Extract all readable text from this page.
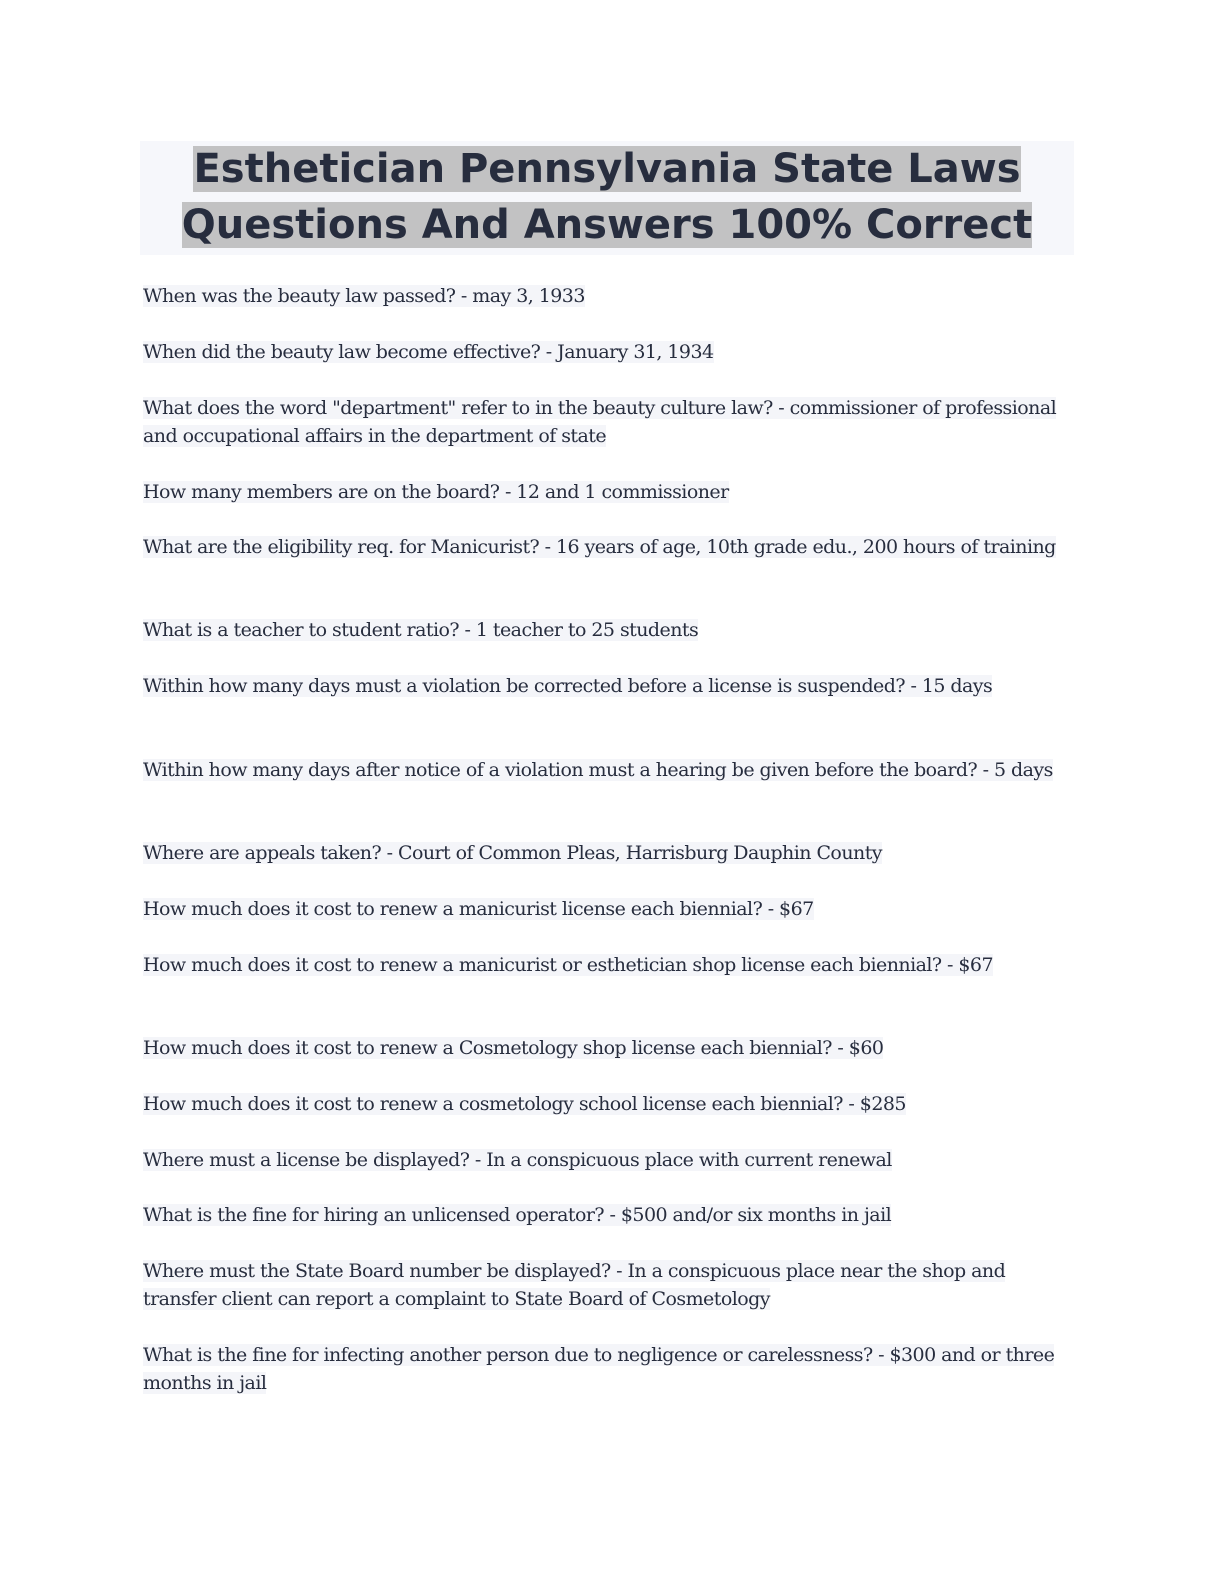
Esthetician Pennsylvania State Laws
Questions And Answers 100% Correct
When was the beauty law passed? - may 3, 1933
When did the beauty law become effective? - January 31, 1934
What does the word "department" refer to in the beauty culture law? - commissioner of professional and occupational affairs in the department of state
How many members are on the board? - 12 and 1 commissioner
What are the eligibility req. for Manicurist? - 16 years of age, 10th grade edu., 200 hours of training
What is a teacher to student ratio? - 1 teacher to 25 students
Within how many days must a violation be corrected before a license is suspended? - 15 days
Within how many days after notice of a violation must a hearing be given before the board? - 5 days
Where are appeals taken? - Court of Common Pleas, Harrisburg Dauphin County
How much does it cost to renew a manicurist license each biennial? - $67
How much does it cost to renew a manicurist or esthetician shop license each biennial? - $67
How much does it cost to renew a Cosmetology shop license each biennial? - $60
How much does it cost to renew a cosmetology school license each biennial? - $285
Where must a license be displayed? - In a conspicuous place with current renewal
What is the fine for hiring an unlicensed operator? - $500 and/or six months in jail
Where must the State Board number be displayed? - In a conspicuous place near the shop and transfer client can report a complaint to State Board of Cosmetology
What is the fine for infecting another person due to negligence or carelessness? - $300 and or three months in jail
